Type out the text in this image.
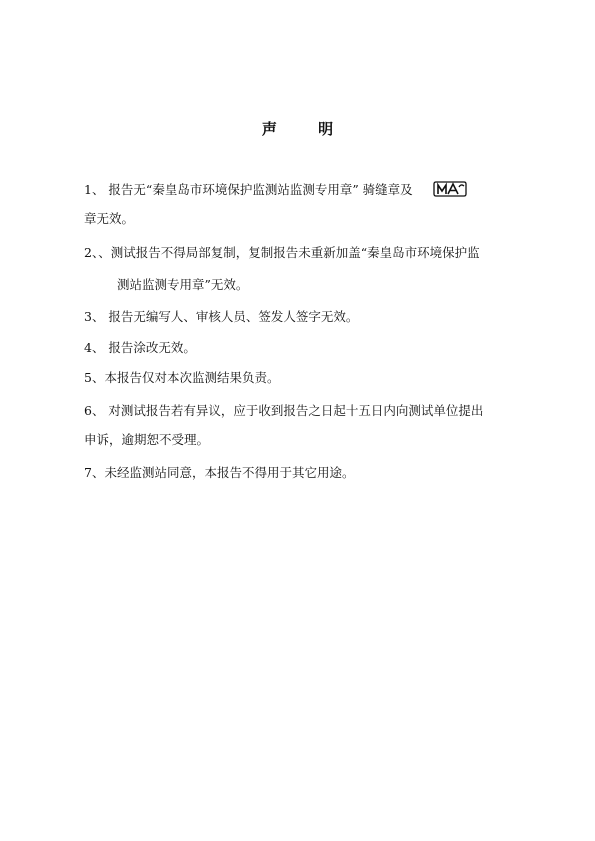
声 明
1、 报告无“秦皇岛市环境保护监测站监测专用章” 骑缝章及
章无效。
2、、测试报告不得局部复制，复制报告未重新加盖“秦皇岛市环境保护监
测站监测专用章”无效。
3、 报告无编写人、审核人员、签发人签字无效。
4、 报告涂改无效。
5、本报告仅对本次监测结果负责。
6、 对测试报告若有异议，应于收到报告之日起十五日内向测试单位提出
申诉，逾期恕不受理。
7、未经监测站同意，本报告不得用于其它用途。
